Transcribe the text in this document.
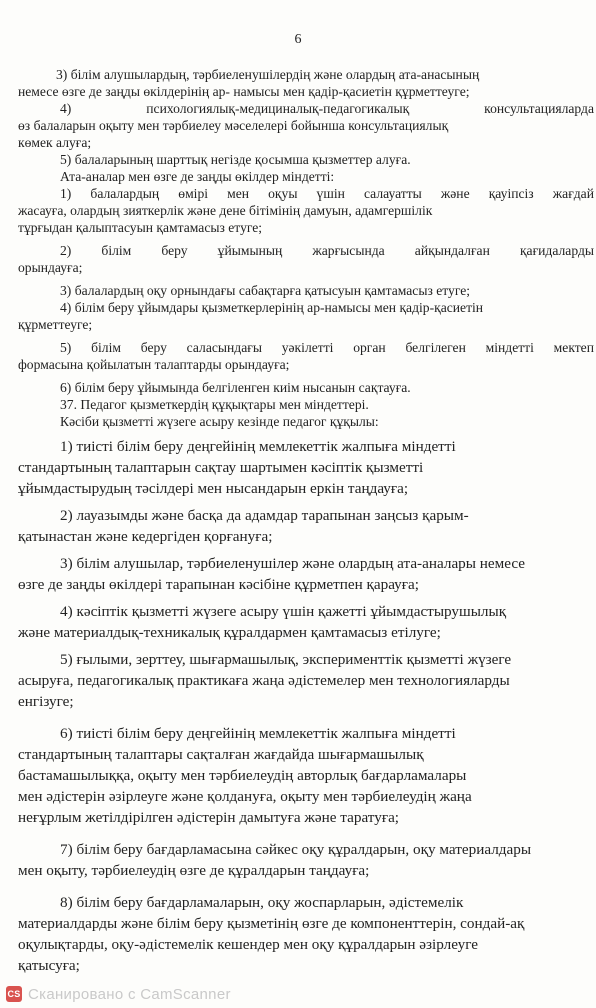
6
3) білім алушылардың, тәрбиеленушілердің және олардың ата-анасының
немесе өзге де заңды өкілдерінің ар- намысы мен қадір-қасиетін құрметтеуге;
4) психологиялық-медициналық-педагогикалық консультацияларда
өз балаларын оқыту мен тәрбиелеу мәселелері бойынша консультациялық
көмек алуға;
5) балаларының шарттық негізде қосымша қызметтер алуға.
Ата-аналар мен өзге де заңды өкілдер міндетті:
1) балалардың өмірі мен оқуы үшін салауатты және қауіпсіз жағдай
жасауға, олардың зияткерлік және дене бітімінің дамуын, адамгершілік
тұрғыдан қалыптасуын қамтамасыз етуге;
2) білім беру ұйымының жарғысында айқындалған қағидаларды
орындауға;
3) балалардың оқу орнындағы сабақтарға қатысуын қамтамасыз етуге;
4) білім беру ұйымдары қызметкерлерінің ар-намысы мен қадір-қасиетін
құрметтеуге;
5) білім беру саласындағы уәкілетті орган белгілеген міндетті мектеп
формасына қойылатын талаптарды орындауға;
6) білім беру ұйымында белгіленген киім нысанын сақтауға.
37. Педагог қызметкердің құқықтары мен міндеттері.
Кәсіби қызметті жүзеге асыру кезінде педагог құқылы:
1) тиісті білім беру деңгейінің мемлекеттік жалпыға міндетті
стандартының талаптарын сақтау шартымен кәсіптік қызметті
ұйымдастырудың тәсілдері мен нысандарын еркін таңдауға;
2) лауазымды және басқа да адамдар тарапынан заңсыз қарым-
қатынастан және кедергіден қорғануға;
3) білім алушылар, тәрбиеленушілер және олардың ата-аналары немесе
өзге де заңды өкілдері тарапынан кәсібіне құрметпен қарауға;
4) кәсіптік қызметті жүзеге асыру үшін қажетті ұйымдастырушылық
және материалдық-техникалық құралдармен қамтамасыз етілуге;
5) ғылыми, зерттеу, шығармашылық, эксперименттік қызметті жүзеге
асыруға, педагогикалық практикаға жаңа әдістемелер мен технологияларды
енгізуге;
6) тиісті білім беру деңгейінің мемлекеттік жалпыға міндетті
стандартының талаптары сақталған жағдайда шығармашылық
бастамашылыққа, оқыту мен тәрбиелеудің авторлық бағдарламалары
мен әдістерін әзірлеуге және қолдануға, оқыту мен тәрбиелеудің жаңа
неғұрлым жетілдірілген әдістерін дамытуға және таратуға;
7) білім беру бағдарламасына сәйкес оқу құралдарын, оқу материалдары
мен оқыту, тәрбиелеудің өзге де құралдарын таңдауға;
8) білім беру бағдарламаларын, оқу жоспарларын, әдістемелік
материалдарды және білім беру қызметінің өзге де компоненттерін, сондай-ақ
оқулықтарды, оқу-әдістемелік кешендер мен оқу құралдарын әзірлеуге
қатысуға;
CS Сканировано с CamScanner
